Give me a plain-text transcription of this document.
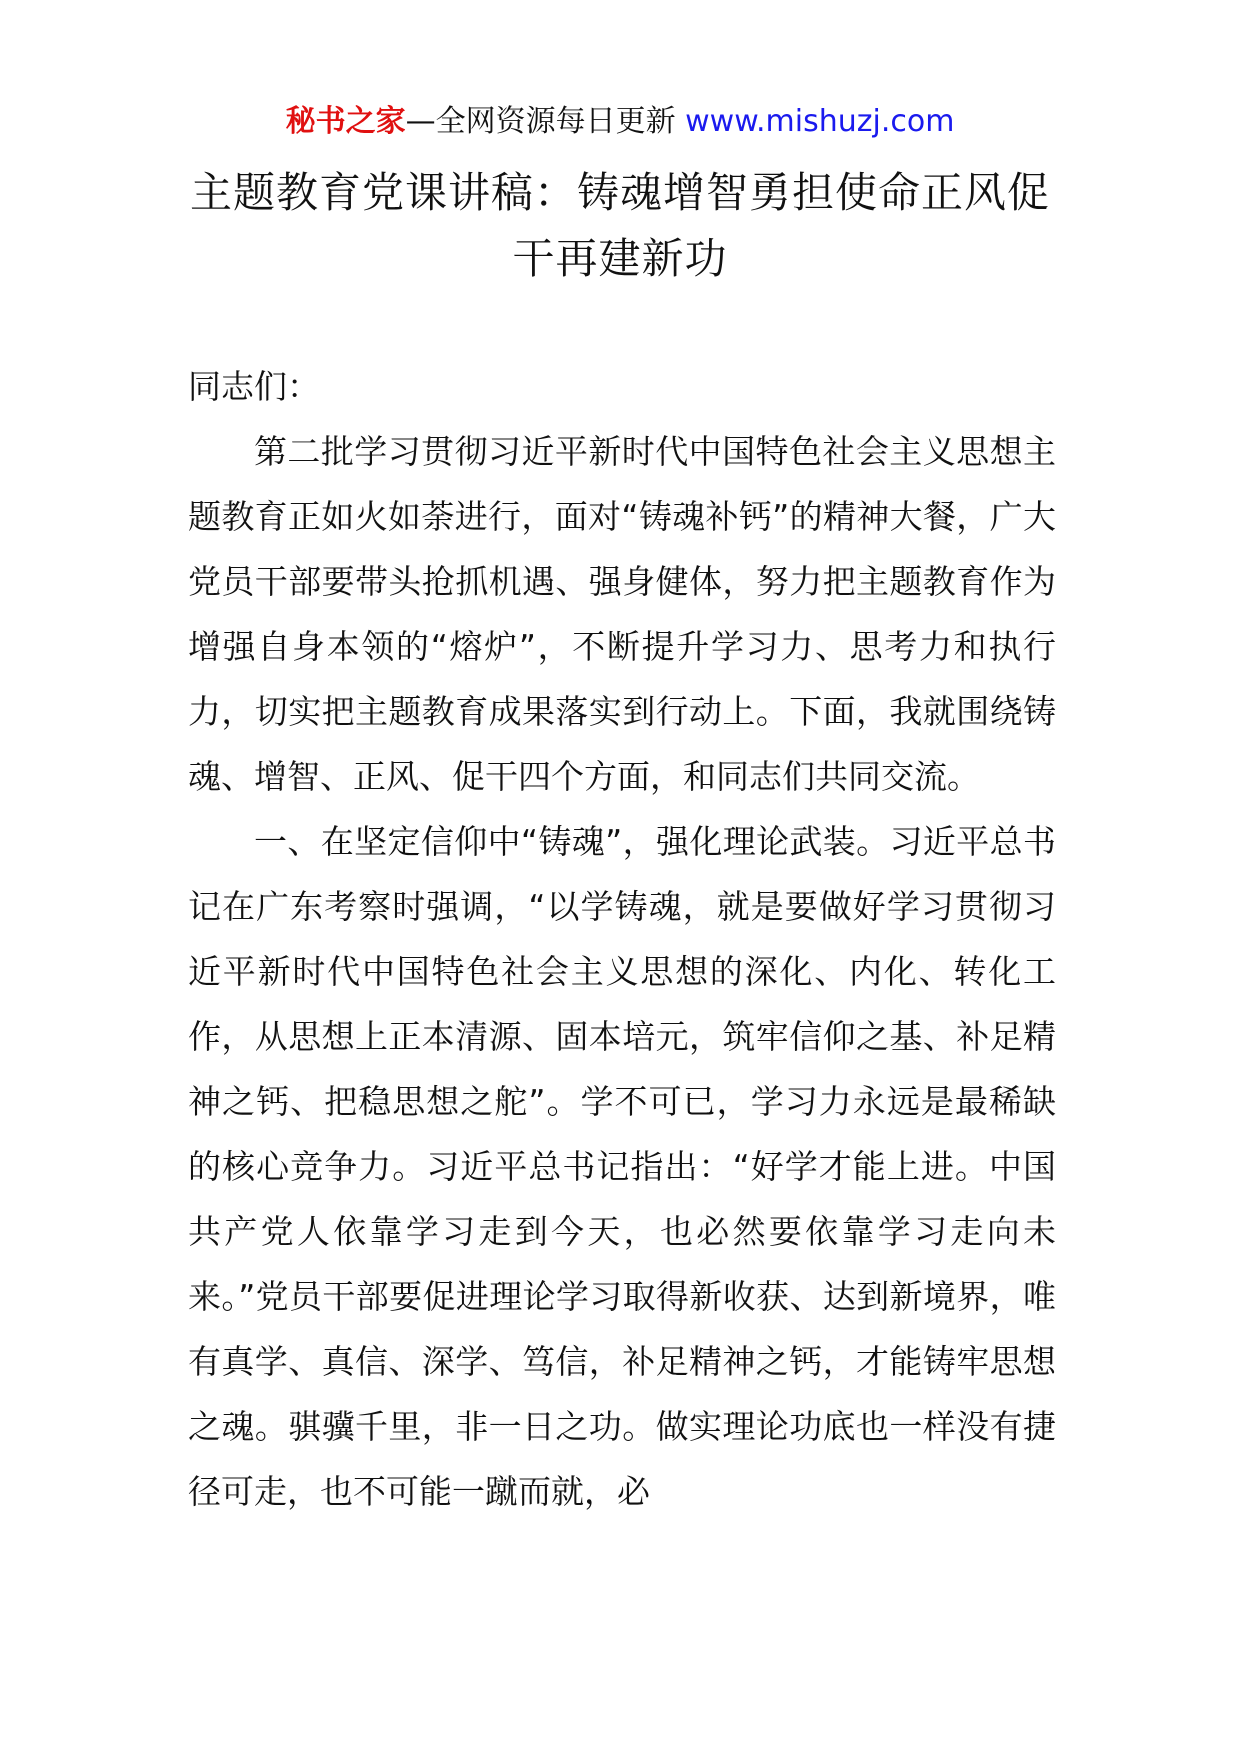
秘书之家—全网资源每日更新 www.mishuzj.com
主题教育党课讲稿：铸魂增智勇担使命正风促干再建新功

同志们：

第二批学习贯彻习近平新时代中国特色社会主义思想主题教育正如火如荼进行，面对“铸魂补钙”的精神大餐，广大党员干部要带头抢抓机遇、强身健体，努力把主题教育作为增强自身本领的“熔炉”，不断提升学习力、思考力和执行力，切实把主题教育成果落实到行动上。下面，我就围绕铸魂、增智、正风、促干四个方面，和同志们共同交流。

一、在坚定信仰中“铸魂”，强化理论武装。习近平总书记在广东考察时强调，“以学铸魂，就是要做好学习贯彻习近平新时代中国特色社会主义思想的深化、内化、转化工作，从思想上正本清源、固本培元，筑牢信仰之基、补足精神之钙、把稳思想之舵”。学不可已，学习力永远是最稀缺的核心竞争力。习近平总书记指出：“好学才能上进。中国共产党人依靠学习走到今天，也必然要依靠学习走向未来。”党员干部要促进理论学习取得新收获、达到新境界，唯有真学、真信、深学、笃信，补足精神之钙，才能铸牢思想之魂。骐骥千里，非一日之功。做实理论功底也一样没有捷径可走，也不可能一蹴而就，必
